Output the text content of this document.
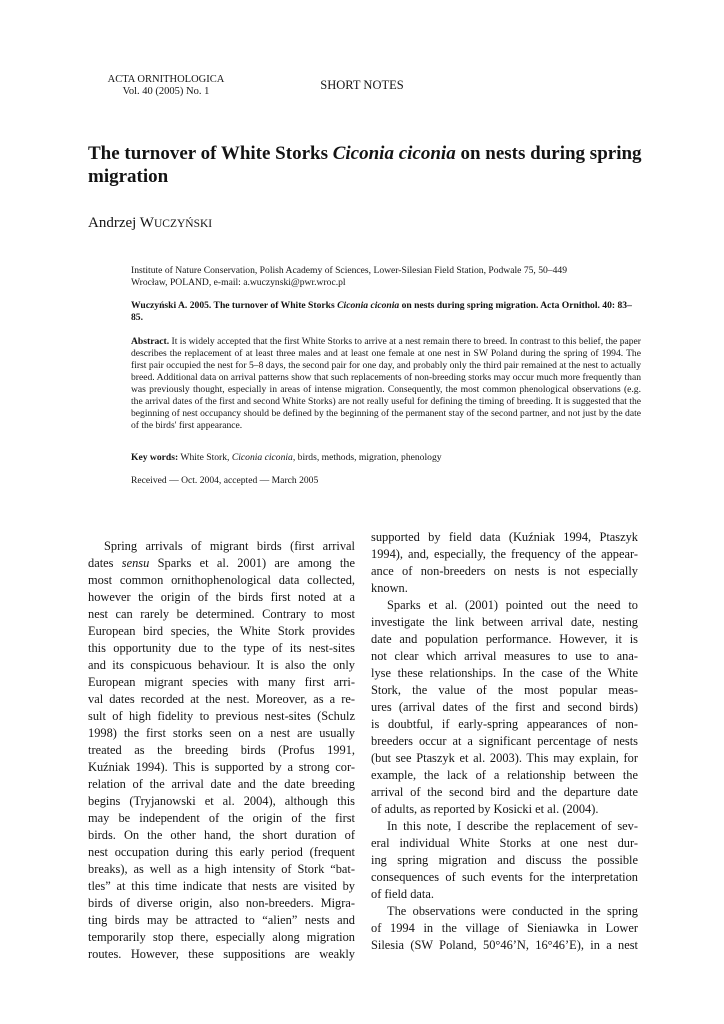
ACTA ORNITHOLOGICA
Vol. 40 (2005) No. 1	SHORT NOTES
The turnover of White Storks Ciconia ciconia on nests during spring migration
Andrzej WUCZYŃSKI
Institute of Nature Conservation, Polish Academy of Sciences, Lower-Silesian Field Station, Podwale 75, 50–449
Wrocław, POLAND, e-mail: a.wuczynski@pwr.wroc.pl
Wuczyński A. 2005. The turnover of White Storks Ciconia ciconia on nests during spring migration. Acta Ornithol. 40: 83–85.
Abstract. It is widely accepted that the first White Storks to arrive at a nest remain there to breed. In contrast to this belief, the paper describes the replacement of at least three males and at least one female at one nest in SW Poland during the spring of 1994. The first pair occupied the nest for 5–8 days, the second pair for one day, and probably only the third pair remained at the nest to actually breed. Additional data on arrival patterns show that such replacements of non-breeding storks may occur much more frequently than was previously thought, especially in areas of intense migration. Consequently, the most common phenological observations (e.g. the arrival dates of the first and second White Storks) are not really useful for defining the timing of breeding. It is suggested that the beginning of nest occupancy should be defined by the beginning of the permanent stay of the second partner, and not just by the date of the birds' first appearance.
Key words: White Stork, Ciconia ciconia, birds, methods, migration, phenology
Received — Oct. 2004, accepted — March 2005
Spring arrivals of migrant birds (first arrival
dates sensu Sparks et al. 2001) are among the
most common ornithophenological data collected,
however the origin of the birds first noted at a
nest can rarely be determined. Contrary to most
European bird species, the White Stork provides
this opportunity due to the type of its nest-sites
and its conspicuous behaviour. It is also the only
European migrant species with many first arri-
val dates recorded at the nest. Moreover, as a re-
sult of high fidelity to previous nest-sites (Schulz
1998) the first storks seen on a nest are usually
treated as the breeding birds (Profus 1991,
Kuźniak 1994). This is supported by a strong cor-
relation of the arrival date and the date breeding
begins (Tryjanowski et al. 2004), although this
may be independent of the origin of the first
birds. On the other hand, the short duration of
nest occupation during this early period (frequent
breaks), as well as a high intensity of Stork “bat-
tles” at this time indicate that nests are visited by
birds of diverse origin, also non-breeders. Migra-
ting birds may be attracted to “alien” nests and
temporarily stop there, especially along migration
routes. However, these suppositions are weakly
supported by field data (Kuźniak 1994, Ptaszyk
1994), and, especially, the frequency of the appear-
ance of non-breeders on nests is not especially
known.
Sparks et al. (2001) pointed out the need to
investigate the link between arrival date, nesting
date and population performance. However, it is
not clear which arrival measures to use to ana-
lyse these relationships. In the case of the White
Stork, the value of the most popular meas-
ures (arrival dates of the first and second birds)
is doubtful, if early-spring appearances of non-
breeders occur at a significant percentage of nests
(but see Ptaszyk et al. 2003). This may explain, for
example, the lack of a relationship between the
arrival of the second bird and the departure date
of adults, as reported by Kosicki et al. (2004).
In this note, I describe the replacement of sev-
eral individual White Storks at one nest dur-
ing spring migration and discuss the possible
consequences of such events for the interpretation
of field data.
The observations were conducted in the spring
of 1994 in the village of Sieniawka in Lower
Silesia (SW Poland, 50°46’N, 16°46’E), in a nest
